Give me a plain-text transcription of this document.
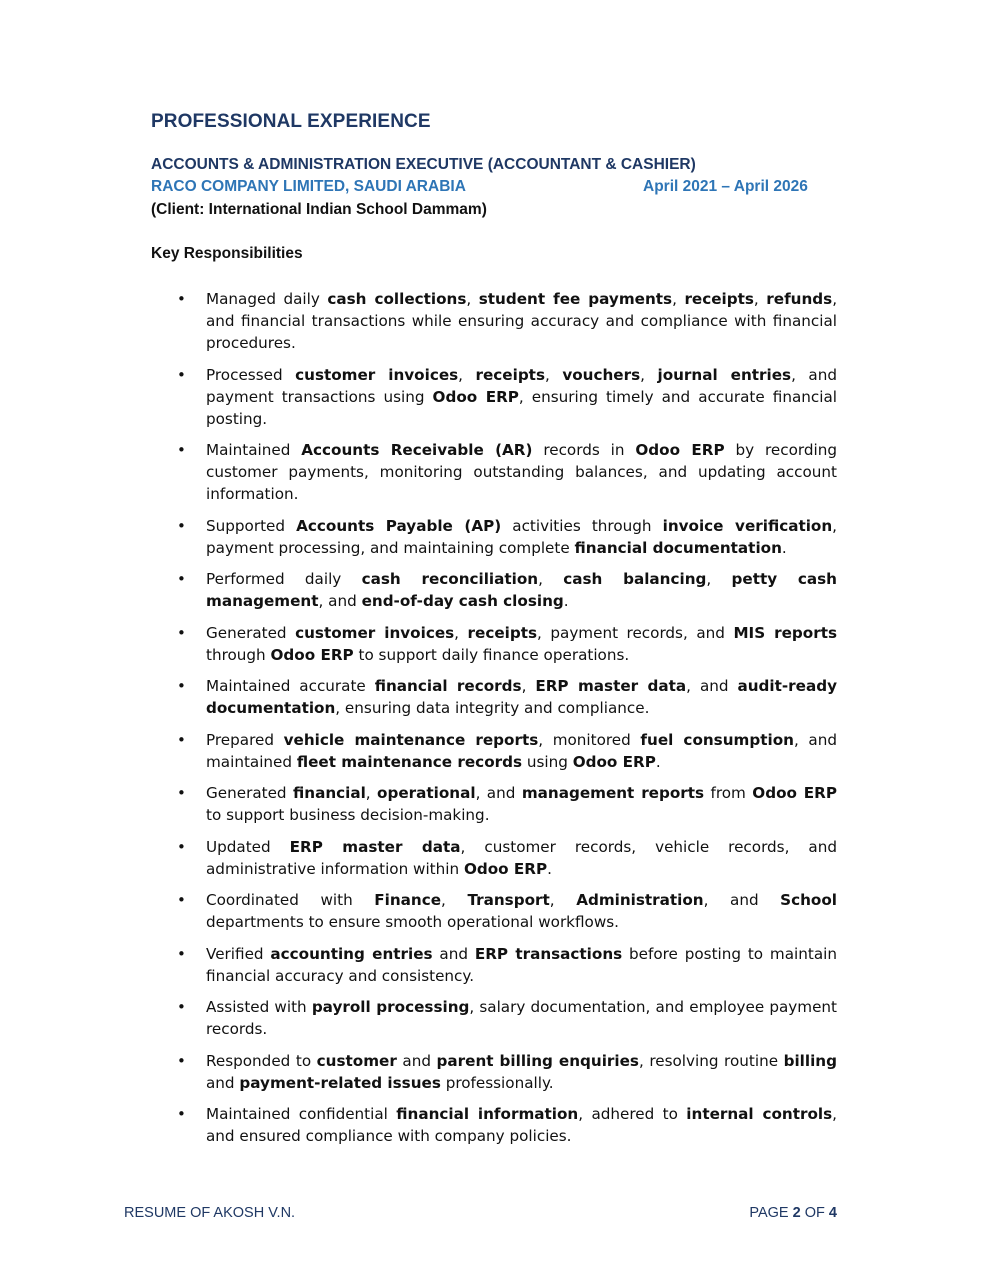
PROFESSIONAL EXPERIENCE
ACCOUNTS & ADMINISTRATION EXECUTIVE (ACCOUNTANT & CASHIER)
RACO COMPANY LIMITED, SAUDI ARABIA	April 2021 – April 2026
(Client: International Indian School Dammam)
Key Responsibilities
• Managed daily cash collections, student fee payments, receipts, refunds, and financial transactions while ensuring accuracy and compliance with financial procedures.
• Processed customer invoices, receipts, vouchers, journal entries, and payment transactions using Odoo ERP, ensuring timely and accurate financial posting.
• Maintained Accounts Receivable (AR) records in Odoo ERP by recording customer payments, monitoring outstanding balances, and updating account information.
• Supported Accounts Payable (AP) activities through invoice verification, payment processing, and maintaining complete financial documentation.
• Performed daily cash reconciliation, cash balancing, petty cash management, and end-of-day cash closing.
• Generated customer invoices, receipts, payment records, and MIS reports through Odoo ERP to support daily finance operations.
• Maintained accurate financial records, ERP master data, and audit-ready documentation, ensuring data integrity and compliance.
• Prepared vehicle maintenance reports, monitored fuel consumption, and maintained fleet maintenance records using Odoo ERP.
• Generated financial, operational, and management reports from Odoo ERP to support business decision-making.
• Updated ERP master data, customer records, vehicle records, and administrative information within Odoo ERP.
• Coordinated with Finance, Transport, Administration, and School departments to ensure smooth operational workflows.
• Verified accounting entries and ERP transactions before posting to maintain financial accuracy and consistency.
• Assisted with payroll processing, salary documentation, and employee payment records.
• Responded to customer and parent billing enquiries, resolving routine billing and payment-related issues professionally.
• Maintained confidential financial information, adhered to internal controls, and ensured compliance with company policies.
RESUME OF AKOSH V.N.	PAGE 2 OF 4
